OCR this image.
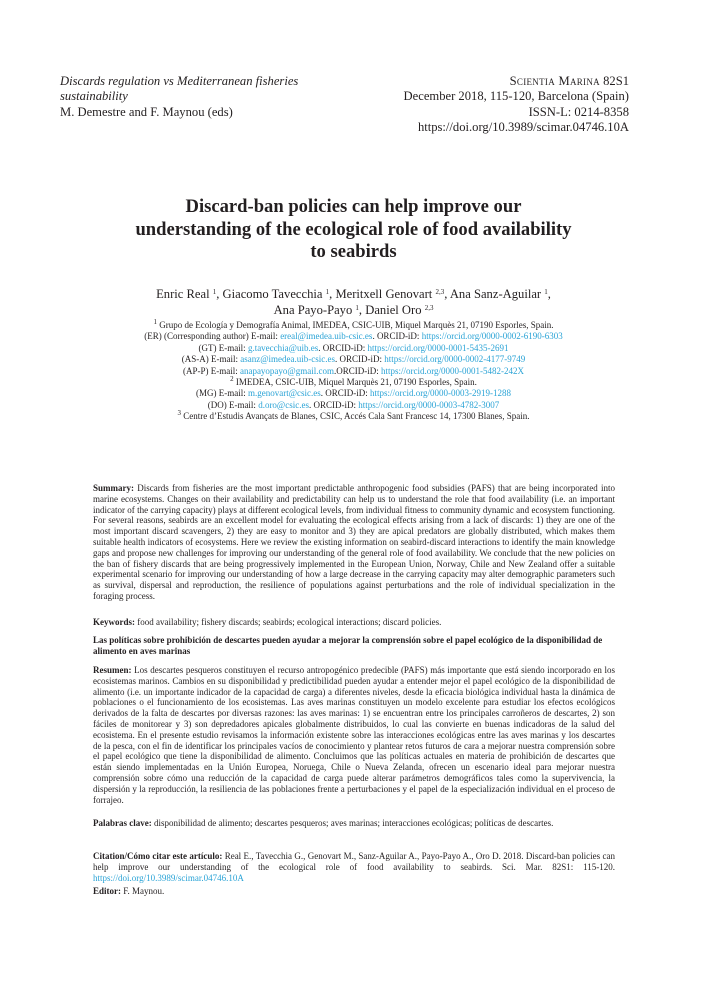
Discards regulation vs Mediterranean fisheries
sustainability
M. Demestre and F. Maynou (eds)
Scientia Marina 82S1
December 2018, 115-120, Barcelona (Spain)
ISSN-L: 0214-8358
https://doi.org/10.3989/scimar.04746.10A
Discard-ban policies can help improve our
understanding of the ecological role of food availability
to seabirds
Enric Real $^1$, Giacomo Tavecchia $^1$, Meritxell Genovart $^{2,3}$, Ana Sanz-Aguilar $^1$,
Ana Payo-Payo $^1$, Daniel Oro $^{2,3}$
$^1$ Grupo de Ecología y Demografía Animal, IMEDEA, CSIC-UIB, Miquel Marquès 21, 07190 Esporles, Spain.
(ER) (Corresponding author) E-mail: ereal@imedea.uib-csic.es. ORCID-iD: https://orcid.org/0000-0002-6190-6303
(GT) E-mail: g.tavecchia@uib.es. ORCID-iD: https://orcid.org/0000-0001-5435-2691
(AS-A) E-mail: asanz@imedea.uib-csic.es. ORCID-iD: https://orcid.org/0000-0002-4177-9749
(AP-P) E-mail: anapayopayo@gmail.com.ORCID-iD: https://orcid.org/0000-0001-5482-242X
$^2$ IMEDEA, CSIC-UIB, Miquel Marquès 21, 07190 Esporles, Spain.
(MG) E-mail: m.genovart@csic.es. ORCID-iD: https://orcid.org/0000-0003-2919-1288
(DO) E-mail: d.oro@csic.es. ORCID-iD: https://orcid.org/0000-0003-4782-3007
$^3$ Centre d’Estudis Avançats de Blanes, CSIC, Accés Cala Sant Francesc 14, 17300 Blanes, Spain.
Summary: Discards from fisheries are the most important predictable anthropogenic food subsidies (PAFS) that are being incorporated into marine ecosystems. Changes on their availability and predictability can help us to understand the role that food availability (i.e. an important indicator of the carrying capacity) plays at different ecological levels, from individual fitness to community dynamic and ecosystem functioning. For several reasons, seabirds are an excellent model for evaluating the ecological effects arising from a lack of discards: 1) they are one of the most important discard scavengers, 2) they are easy to monitor and 3) they are apical predators are globally distributed, which makes them suitable health indicators of ecosystems. Here we review the existing information on seabird-discard interactions to identify the main knowledge gaps and propose new challenges for improving our understanding of the general role of food availability. We conclude that the new policies on the ban of fishery discards that are being progressively implemented in the European Union, Norway, Chile and New Zealand offer a suitable experimental scenario for improving our understanding of how a large decrease in the carrying capacity may alter demographic parameters such as survival, dispersal and reproduction, the resilience of populations against perturbations and the role of individual specialization in the foraging process.
Keywords: food availability; fishery discards; seabirds; ecological interactions; discard policies.
Las políticas sobre prohibición de descartes pueden ayudar a mejorar la comprensión sobre el papel ecológico de la disponibilidad de alimento en aves marinas
Resumen: Los descartes pesqueros constituyen el recurso antropogénico predecible (PAFS) más importante que está siendo incorporado en los ecosistemas marinos. Cambios en su disponibilidad y predictibilidad pueden ayudar a entender mejor el papel ecológico de la disponibilidad de alimento (i.e. un importante indicador de la capacidad de carga) a diferentes niveles, desde la eficacia biológica individual hasta la dinámica de poblaciones o el funcionamiento de los ecosistemas. Las aves marinas constituyen un modelo excelente para estudiar los efectos ecológicos derivados de la falta de descartes por diversas razones: las aves marinas: 1) se encuentran entre los principales carroñeros de descartes, 2) son fáciles de monitorear y 3) son depredadores apicales globalmente distribuidos, lo cual las convierte en buenas indicadoras de la salud del ecosistema. En el presente estudio revisamos la información existente sobre las interacciones ecológicas entre las aves marinas y los descartes de la pesca, con el fin de identificar los principales vacíos de conocimiento y plantear retos futuros de cara a mejorar nuestra comprensión sobre el papel ecológico que tiene la disponibilidad de alimento. Concluimos que las políticas actuales en materia de prohibición de descartes que están siendo implementadas en la Unión Europea, Noruega, Chile o Nueva Zelanda, ofrecen un escenario ideal para mejorar nuestra comprensión sobre cómo una reducción de la capacidad de carga puede alterar parámetros demográficos tales como la supervivencia, la dispersión y la reproducción, la resiliencia de las poblaciones frente a perturbaciones y el papel de la especialización individual en el proceso de forrajeo.
Palabras clave: disponibilidad de alimento; descartes pesqueros; aves marinas; interacciones ecológicas; políticas de descartes.
Citation/Cómo citar este artículo: Real E., Tavecchia G., Genovart M., Sanz-Aguilar A., Payo-Payo A., Oro D. 2018. Discard-ban policies can help improve our understanding of the ecological role of food availability to seabirds. Sci. Mar. 82S1: 115-120. https://doi.org/10.3989/scimar.04746.10A
Editor: F. Maynou.
